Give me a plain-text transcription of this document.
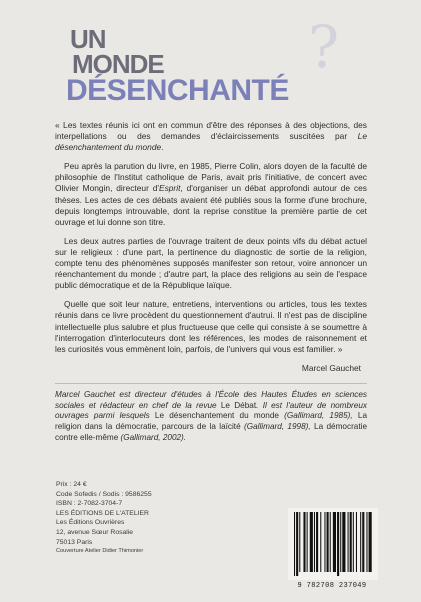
UN
MONDE
DÉSENCHANTÉ
?

« Les textes réunis ici ont en commun d'être des réponses à des objections, des interpellations ou des demandes d'éclaircissements suscitées par Le désenchantement du monde.

Peu après la parution du livre, en 1985, Pierre Colin, alors doyen de la faculté de philosophie de l'Institut catholique de Paris, avait pris l'initiative, de concert avec Olivier Mongin, directeur d'Esprit, d'organiser un débat approfondi autour de ces thèses. Les actes de ces débats avaient été publiés sous la forme d'une brochure, depuis longtemps introuvable, dont la reprise constitue la première partie de cet ouvrage et lui donne son titre.

Les deux autres parties de l'ouvrage traitent de deux points vifs du débat actuel sur le religieux : d'une part, la pertinence du diagnostic de sortie de la religion, compte tenu des phénomènes supposés manifester son retour, voire annoncer un réenchantement du monde ; d'autre part, la place des religions au sein de l'espace public démocratique et de la République laïque.

Quelle que soit leur nature, entretiens, interventions ou articles, tous les textes réunis dans ce livre procèdent du questionnement d'autrui. Il n'est pas de discipline intellectuelle plus salubre et plus fructueuse que celle qui consiste à se soumettre à l'interrogation d'interlocuteurs dont les références, les modes de raisonnement et les curiosités vous emmènent loin, parfois, de l'univers qui vous est familier. »

Marcel Gauchet

Marcel Gauchet est directeur d'études à l'École des Hautes Études en sciences sociales et rédacteur en chef de la revue Le Débat. Il est l'auteur de nombreux ouvrages parmi lesquels Le désenchantement du monde (Gallimard, 1985), La religion dans la démocratie, parcours de la laïcité (Gallimard, 1998), La démocratie contre elle-même (Gallimard, 2002).

Prix : 24 €
Code Sofedis / Sodis : 9586255
ISBN : 2-7082-3704-7
LES ÉDITIONS DE L'ATELIER
Les Éditions Ouvrières
12, avenue Sœur Rosalie
75013 Paris
Couverture Atelier Didier Thimonier
9 782708 237049
